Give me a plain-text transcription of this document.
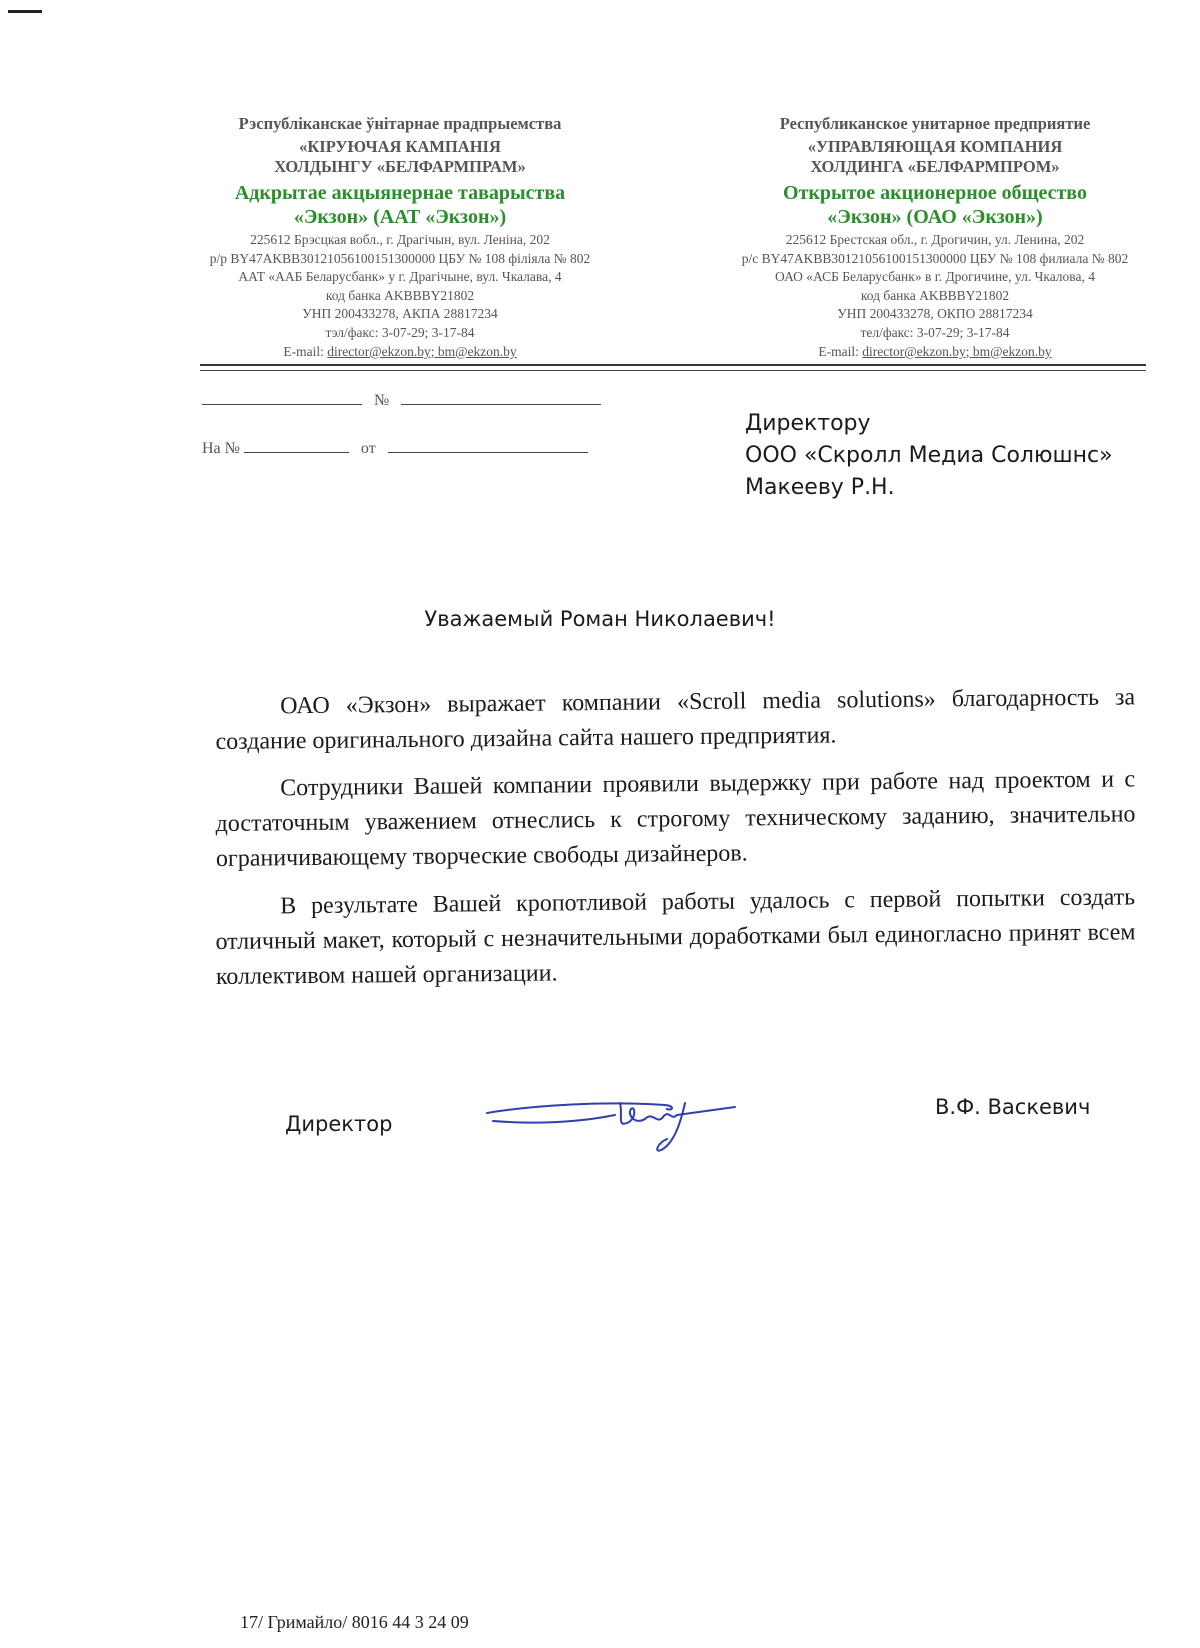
Рэспубліканскае ўнітарнае прадпрыемства
«КІРУЮЧАЯ КАМПАНІЯ
ХОЛДЫНГУ «БЕЛФАРМПРАМ»
Адкрытае акцыянернае таварыства
«Экзон» (ААТ «Экзон»)
225612 Брэсцкая вобл., г. Драгічын, вул. Леніна, 202
р/р BY47AKBB30121056100151300000 ЦБУ № 108 філіяла № 802
ААТ «ААБ Беларусбанк» у г. Драгічыне, вул. Чкалава, 4
код банка AKBBBY21802
УНП 200433278, АКПА 28817234
тэл/факс: 3-07-29; 3-17-84
E-mail: director@ekzon.by; bm@ekzon.by
Республиканское унитарное предприятие
«УПРАВЛЯЮЩАЯ КОМПАНИЯ
ХОЛДИНГА «БЕЛФАРМПРОМ»
Открытое акционерное общество
«Экзон» (ОАО «Экзон»)
225612 Брестская обл., г. Дрогичин, ул. Ленина, 202
р/с BY47AKBB30121056100151300000 ЦБУ № 108 филиала № 802
ОАО «АСБ Беларусбанк» в г. Дрогичине, ул. Чкалова, 4
код банка AKBBBY21802
УНП 200433278, ОКПО 28817234
тел/факс: 3-07-29; 3-17-84
E-mail: director@ekzon.by; bm@ekzon.by
№
На №	от
Директору
ООО «Скролл Медиа Солюшнс»
Макееву Р.Н.
Уважаемый Роман Николаевич!
ОАО «Экзон» выражает компании «Scroll media solutions» благодарность за создание оригинального дизайна сайта нашего предприятия.
Сотрудники Вашей компании проявили выдержку при работе над проектом и с достаточным уважением отнеслись к строгому техническому заданию, значительно ограничивающему творческие свободы дизайнеров.
В результате Вашей кропотливой работы удалось с первой попытки создать отличный макет, который с незначительными доработками был единогласно принят всем коллективом нашей организации.
Директор
В.Ф. Васкевич
17/ Гримайло/ 8016 44 3 24 09
